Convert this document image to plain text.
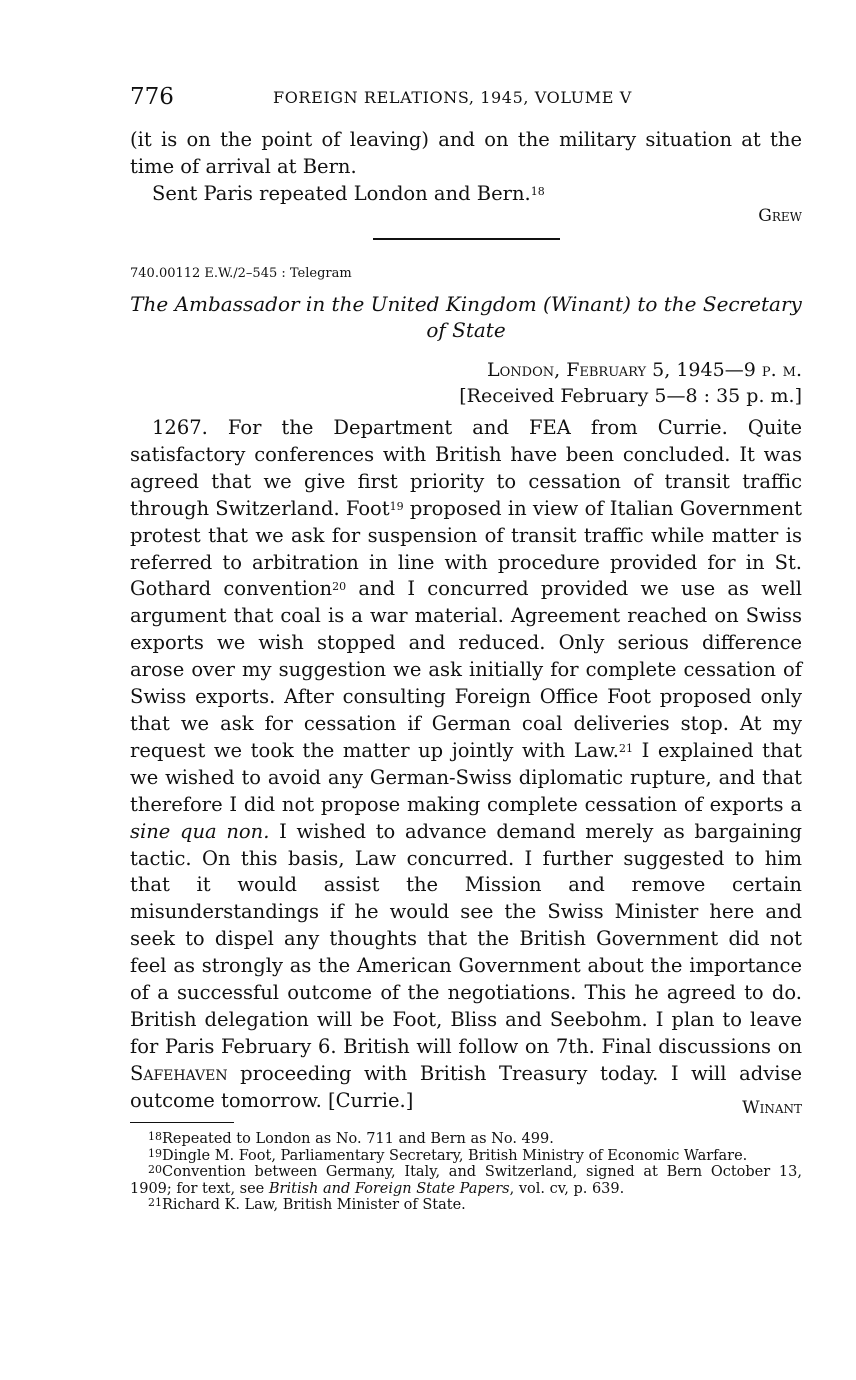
776	FOREIGN RELATIONS, 1945, VOLUME V
(it is on the point of leaving) and on the military situation at the time of arrival at Bern.
Sent Paris repeated London and Bern.$^{18}$
Grew
740.00112 E.W./2–545 : Telegram
The Ambassador in the United Kingdom (Winant) to the Secretary of State
London, February 5, 1945—9 p. m.
[Received February 5—8 : 35 p. m.]
1267. For the Department and FEA from Currie. Quite satisfactory conferences with British have been concluded. It was agreed that we give first priority to cessation of transit traffic through Switzerland. Foot$^{19}$ proposed in view of Italian Government protest that we ask for suspension of transit traffic while matter is referred to arbitration in line with procedure provided for in St. Gothard convention$^{20}$ and I concurred provided we use as well argument that coal is a war material. Agreement reached on Swiss exports we wish stopped and reduced. Only serious difference arose over my suggestion we ask initially for complete cessation of Swiss exports. After consulting Foreign Office Foot proposed only that we ask for cessation if German coal deliveries stop. At my request we took the matter up jointly with Law.$^{21}$ I explained that we wished to avoid any German-Swiss diplomatic rupture, and that therefore I did not propose making complete cessation of exports a sine qua non. I wished to advance demand merely as bargaining tactic. On this basis, Law concurred. I further suggested to him that it would assist the Mission and remove certain misunderstandings if he would see the Swiss Minister here and seek to dispel any thoughts that the British Government did not feel as strongly as the American Government about the importance of a successful outcome of the negotiations. This he agreed to do. British delegation will be Foot, Bliss and Seebohm. I plan to leave for Paris February 6. British will follow on 7th. Final discussions on Safehaven proceeding with British Treasury today. I will advise outcome tomorrow. [Currie.]	Winant
$^{18}$Repeated to London as No. 711 and Bern as No. 499.
$^{19}$Dingle M. Foot, Parliamentary Secretary, British Ministry of Economic Warfare.
$^{20}$Convention between Germany, Italy, and Switzerland, signed at Bern October 13, 1909; for text, see British and Foreign State Papers, vol. cv, p. 639.
$^{21}$Richard K. Law, British Minister of State.
